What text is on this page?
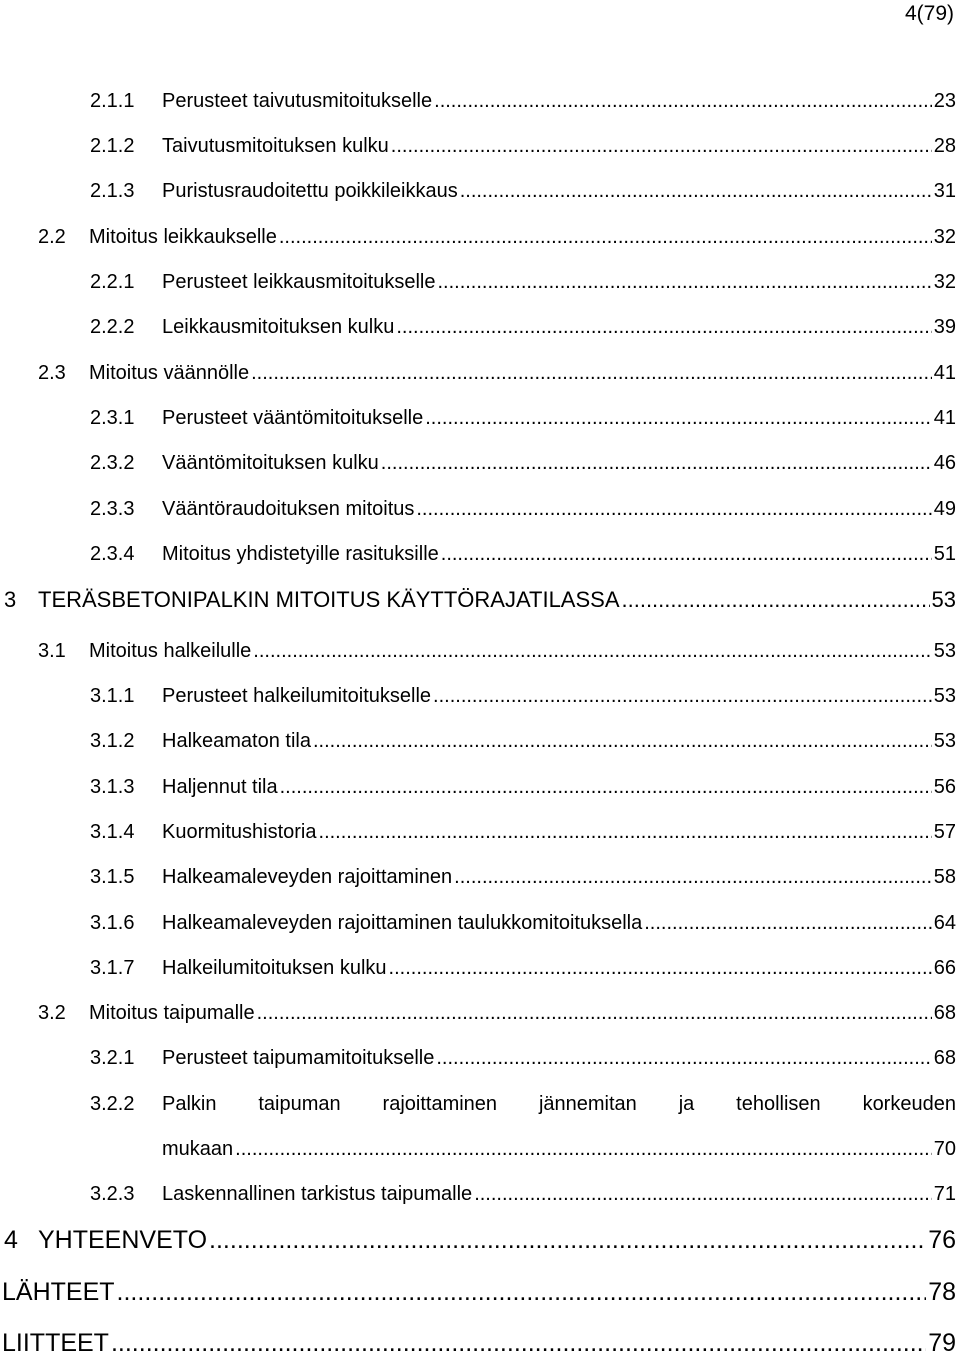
4(79)
2.1.1 Perusteet taivutusmitoitukselle .....	23
2.1.2 Taivutusmitoituksen kulku .....	28
2.1.3 Puristusraudoitettu poikkileikkaus .....	31
2.2 Mitoitus leikkaukselle .....	32
2.2.1 Perusteet leikkausmitoitukselle .....	32
2.2.2 Leikkausmitoituksen kulku .....	39
2.3 Mitoitus väännölle .....	41
2.3.1 Perusteet vääntömitoitukselle .....	41
2.3.2 Vääntömitoituksen kulku .....	46
2.3.3 Vääntöraudoituksen mitoitus .....	49
2.3.4 Mitoitus yhdistetyille rasituksille .....	51
3 TERÄSBETONIPALKIN MITOITUS KÄYTTÖRAJATILASSA .....	53
3.1 Mitoitus halkeilulle .....	53
3.1.1 Perusteet halkeilumitoitukselle .....	53
3.1.2 Halkeamaton tila .....	53
3.1.3 Haljennut tila .....	56
3.1.4 Kuormitushistoria .....	57
3.1.5 Halkeamaleveyden rajoittaminen .....	58
3.1.6 Halkeamaleveyden rajoittaminen taulukkomitoituksella .....	64
3.1.7 Halkeilumitoituksen kulku .....	66
3.2 Mitoitus taipumalle .....	68
3.2.1 Perusteet taipumamitoitukselle .....	68
3.2.2 Palkin taipuman rajoittaminen jännemitan ja tehollisen korkeuden
mukaan .....	70
3.2.3 Laskennallinen tarkistus taipumalle .....	71
4 YHTEENVETO .....	76
LÄHTEET .....	78
LIITTEET .....	79
